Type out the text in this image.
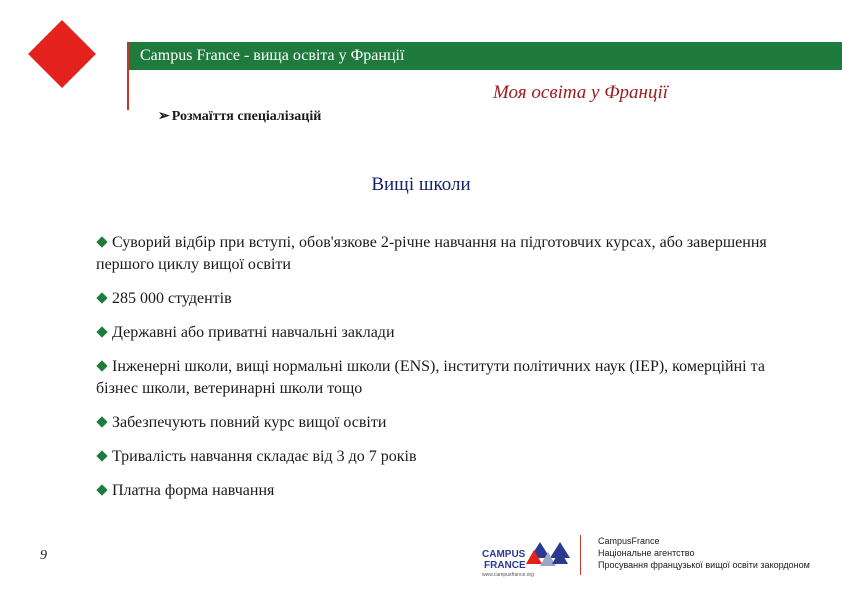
Campus France - вища освіта у Франції
Моя освіта у Франції
➢ Розмаїття спеціалізацій
Вищі школи
Суворий відбір при вступі, обов'язкове 2-річне навчання на підготовчих курсах, або завершення першого циклу вищої освіти
285 000 студентів
Державні або приватні навчальні заклади
Інженерні школи, вищі нормальні школи (ENS), інститути політичних наук (IEP), комерційні та бізнес школи, ветеринарні школи тощо
Забезпечують повний курс вищої освіти
Тривалість навчання складає від 3 до 7 років
Платна форма навчання
9	CAMPUS
FRANCE
www.campusfrance.org
CampusFrance
Національне агентство
Просування французької вищої освіти закордоном
